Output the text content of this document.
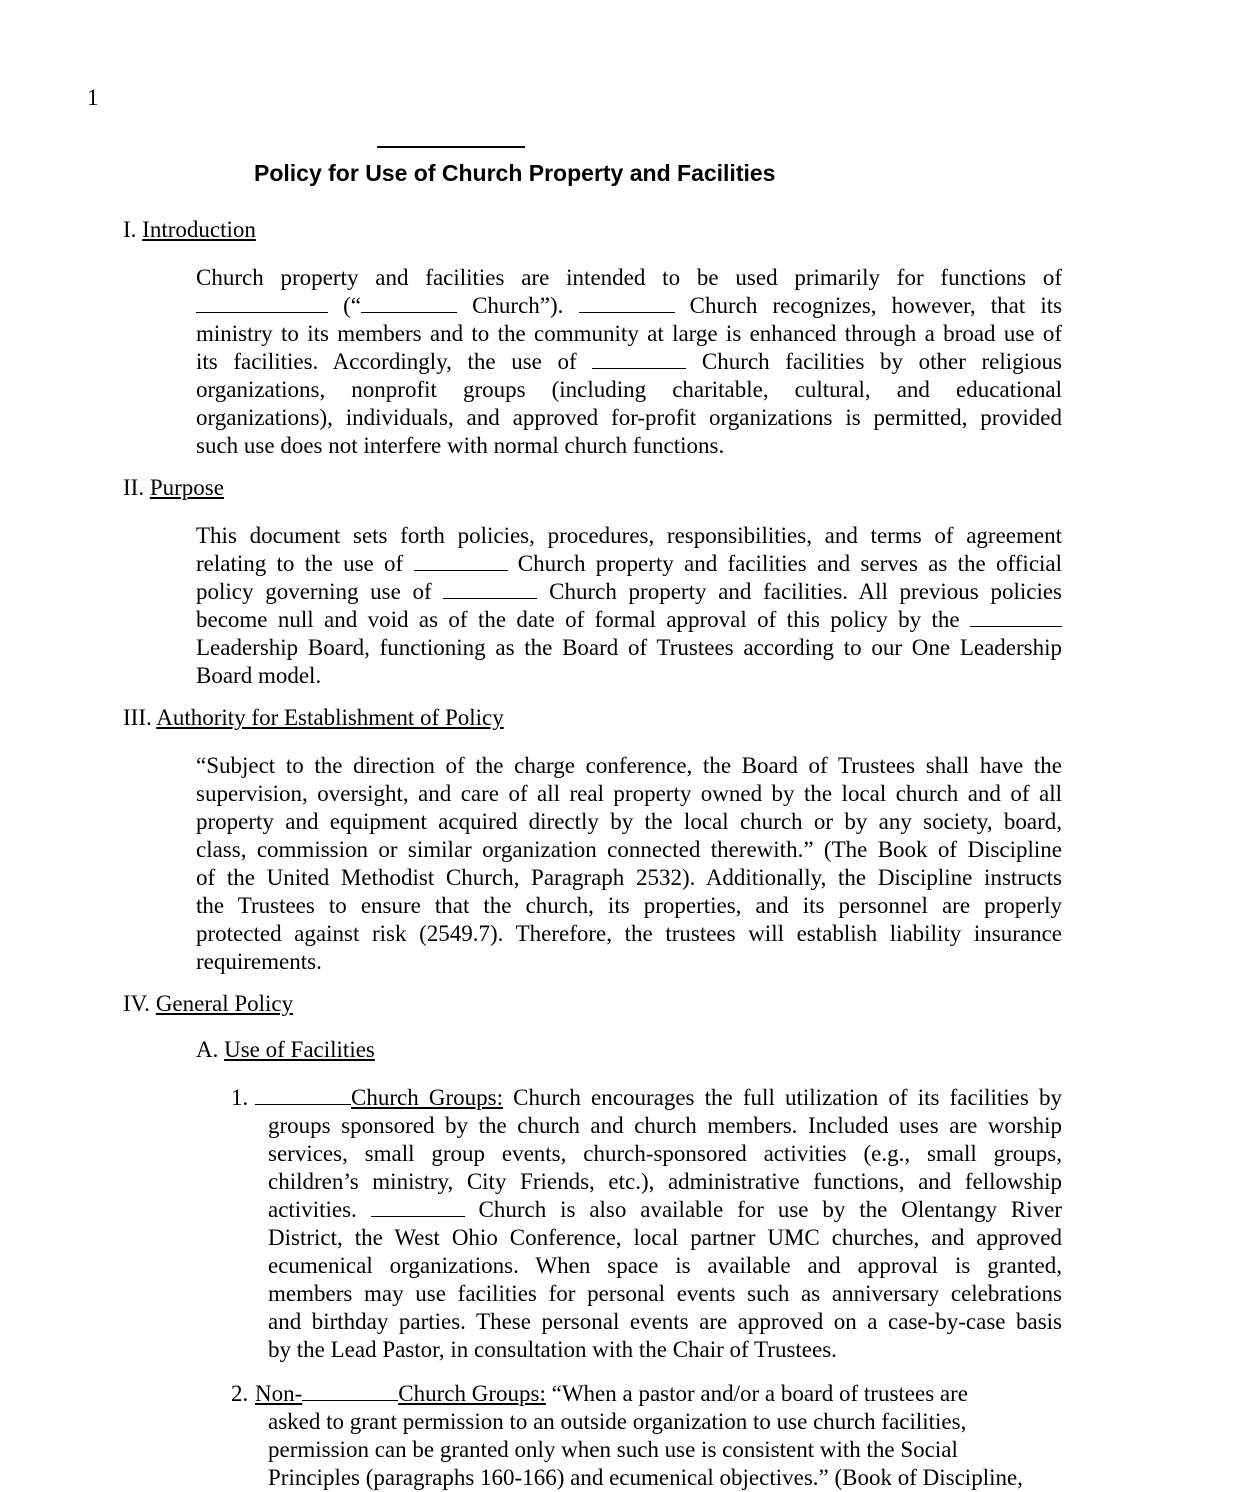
1
Policy for Use of Church Property and Facilities
I. Introduction
Church property and facilities are intended to be used primarily for functions of
(“	Church”).	Church recognizes, however, that its
ministry to its members and to the community at large is enhanced through a broad use of
its facilities. Accordingly, the use of	Church facilities by other religious
organizations, nonprofit groups (including charitable, cultural, and educational
organizations), individuals, and approved for-profit organizations is permitted, provided
such use does not interfere with normal church functions.
II. Purpose
This document sets forth policies, procedures, responsibilities, and terms of agreement
relating to the use of	Church property and facilities and serves as the official
policy governing use of	Church property and facilities. All previous policies
become null and void as of the date of formal approval of this policy by the
Leadership Board, functioning as the Board of Trustees according to our One Leadership
Board model.
III. Authority for Establishment of Policy
“Subject to the direction of the charge conference, the Board of Trustees shall have the
supervision, oversight, and care of all real property owned by the local church and of all
property and equipment acquired directly by the local church or by any society, board,
class, commission or similar organization connected therewith.” (The Book of Discipline
of the United Methodist Church, Paragraph 2532). Additionally, the Discipline instructs
the Trustees to ensure that the church, its properties, and its personnel are properly
protected against risk (2549.7). Therefore, the trustees will establish liability insurance
requirements.
IV. General Policy
A. Use of Facilities
1.	Church Groups: Church encourages the full utilization of its facilities by
groups sponsored by the church and church members. Included uses are worship
services, small group events, church-sponsored activities (e.g., small groups,
children’s ministry, City Friends, etc.), administrative functions, and fellowship
activities.	Church is also available for use by the Olentangy River
District, the West Ohio Conference, local partner UMC churches, and approved
ecumenical organizations. When space is available and approval is granted,
members may use facilities for personal events such as anniversary celebrations
and birthday parties. These personal events are approved on a case-by-case basis
by the Lead Pastor, in consultation with the Chair of Trustees.
2. Non-	Church Groups: “When a pastor and/or a board of trustees are
asked to grant permission to an outside organization to use church facilities,
permission can be granted only when such use is consistent with the Social
Principles (paragraphs 160-166) and ecumenical objectives.” (Book of Discipline,
